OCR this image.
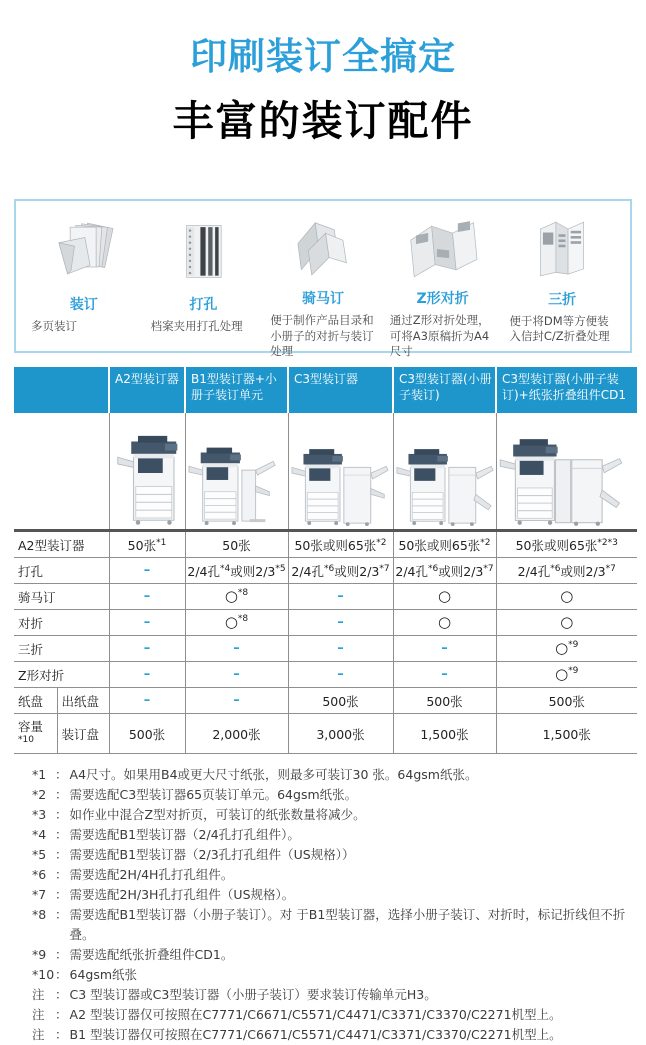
印刷装订全搞定
丰富的装订配件
装订
多页装订
打孔
档案夹用打孔处理
骑马订
便于制作产品目录和小册子的对折与装订处理
Z形对折
通过Z形对折处理，可将A3原稿折为A4尺寸
三折
便于将DM等方便装入信封C/Z折叠处理
		A2型装订器	B1型装订器+小册子装订单元	C3型装订器	C3型装订器(小册子装订)	C3型装订器(小册子装订)+纸张折叠组件CD1

A2型装订器		50张$^{*1}$	50张	50张或则65张$^{*2}$	50张或则65张$^{*2}$	50张或则65张$^{*2*3}$
打孔		–	2/4孔$^{*4}$或则2/3$^{*5}$	2/4孔$^{*6}$或则2/3$^{*7}$	2/4孔$^{*6}$或则2/3$^{*7}$	2/4孔$^{*6}$或则2/3$^{*7}$
骑马订		–	○$^{*8}$	–	○	○
对折		–	○$^{*8}$	–	○	○
三折		–	–	–	–	○$^{*9}$
Z形对折		–	–	–	–	○$^{*9}$
纸盘	出纸盘	–	–	500张	500张	500张
容量$^{*10}$	装订盘	500张	2,000张	3,000张	1,500张	1,500张
*1 ： A4尺寸。如果用B4或更大尺寸纸张，则最多可装订30 张。64gsm纸张。
*2 ： 需要选配C3型装订器65页装订单元。64gsm纸张。
*3 ： 如作业中混合Z型对折页，可装订的纸张数量将减少。
*4 ： 需要选配B1型装订器（2/4孔打孔组件）。
*5 ： 需要选配B1型装订器（2/3孔打孔组件（US规格））
*6 ： 需要选配2H/4H孔打孔组件。
*7 ： 需要选配2H/3H孔打孔组件（US规格）。
*8 ： 需要选配B1型装订器（小册子装订）。对 于B1型装订器，选择小册子装订、对折时，标记折线但不折叠。
*9 ： 需要选配纸张折叠组件CD1。
*10 ： 64gsm纸张
注 ： C3 型装订器或C3型装订器（小册子装订）要求装订传输单元H3。
注 ： A2 型装订器仅可按照在C7771/C6671/C5571/C4471/C3371/C3370/C2271机型上。
注 ： B1 型装订器仅可按照在C7771/C6671/C5571/C4471/C3371/C3370/C2271机型上。
